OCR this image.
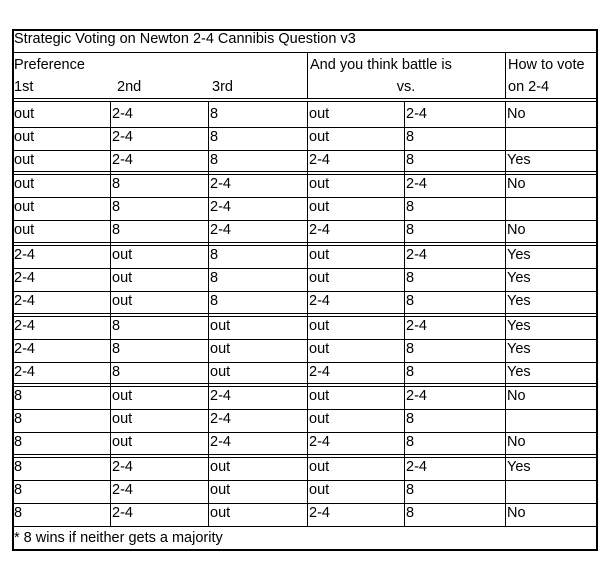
Strategic Voting on Newton 2-4 Cannibis Question v3
Preference
1st	2nd	3rd
And you think battle is
vs.
How to vote
on 2-4
out	2-4	8	out	2-4	No
out	2-4	8	out	8
out	2-4	8	2-4	8	Yes
out	8	2-4	out	2-4	No
out	8	2-4	out	8
out	8	2-4	2-4	8	No
2-4	out	8	out	2-4	Yes
2-4	out	8	out	8	Yes
2-4	out	8	2-4	8	Yes
2-4	8	out	out	2-4	Yes
2-4	8	out	out	8	Yes
2-4	8	out	2-4	8	Yes
8	out	2-4	out	2-4	No
8	out	2-4	out	8
8	out	2-4	2-4	8	No
8	2-4	out	out	2-4	Yes
8	2-4	out	out	8
8	2-4	out	2-4	8	No
* 8 wins if neither gets a majority
